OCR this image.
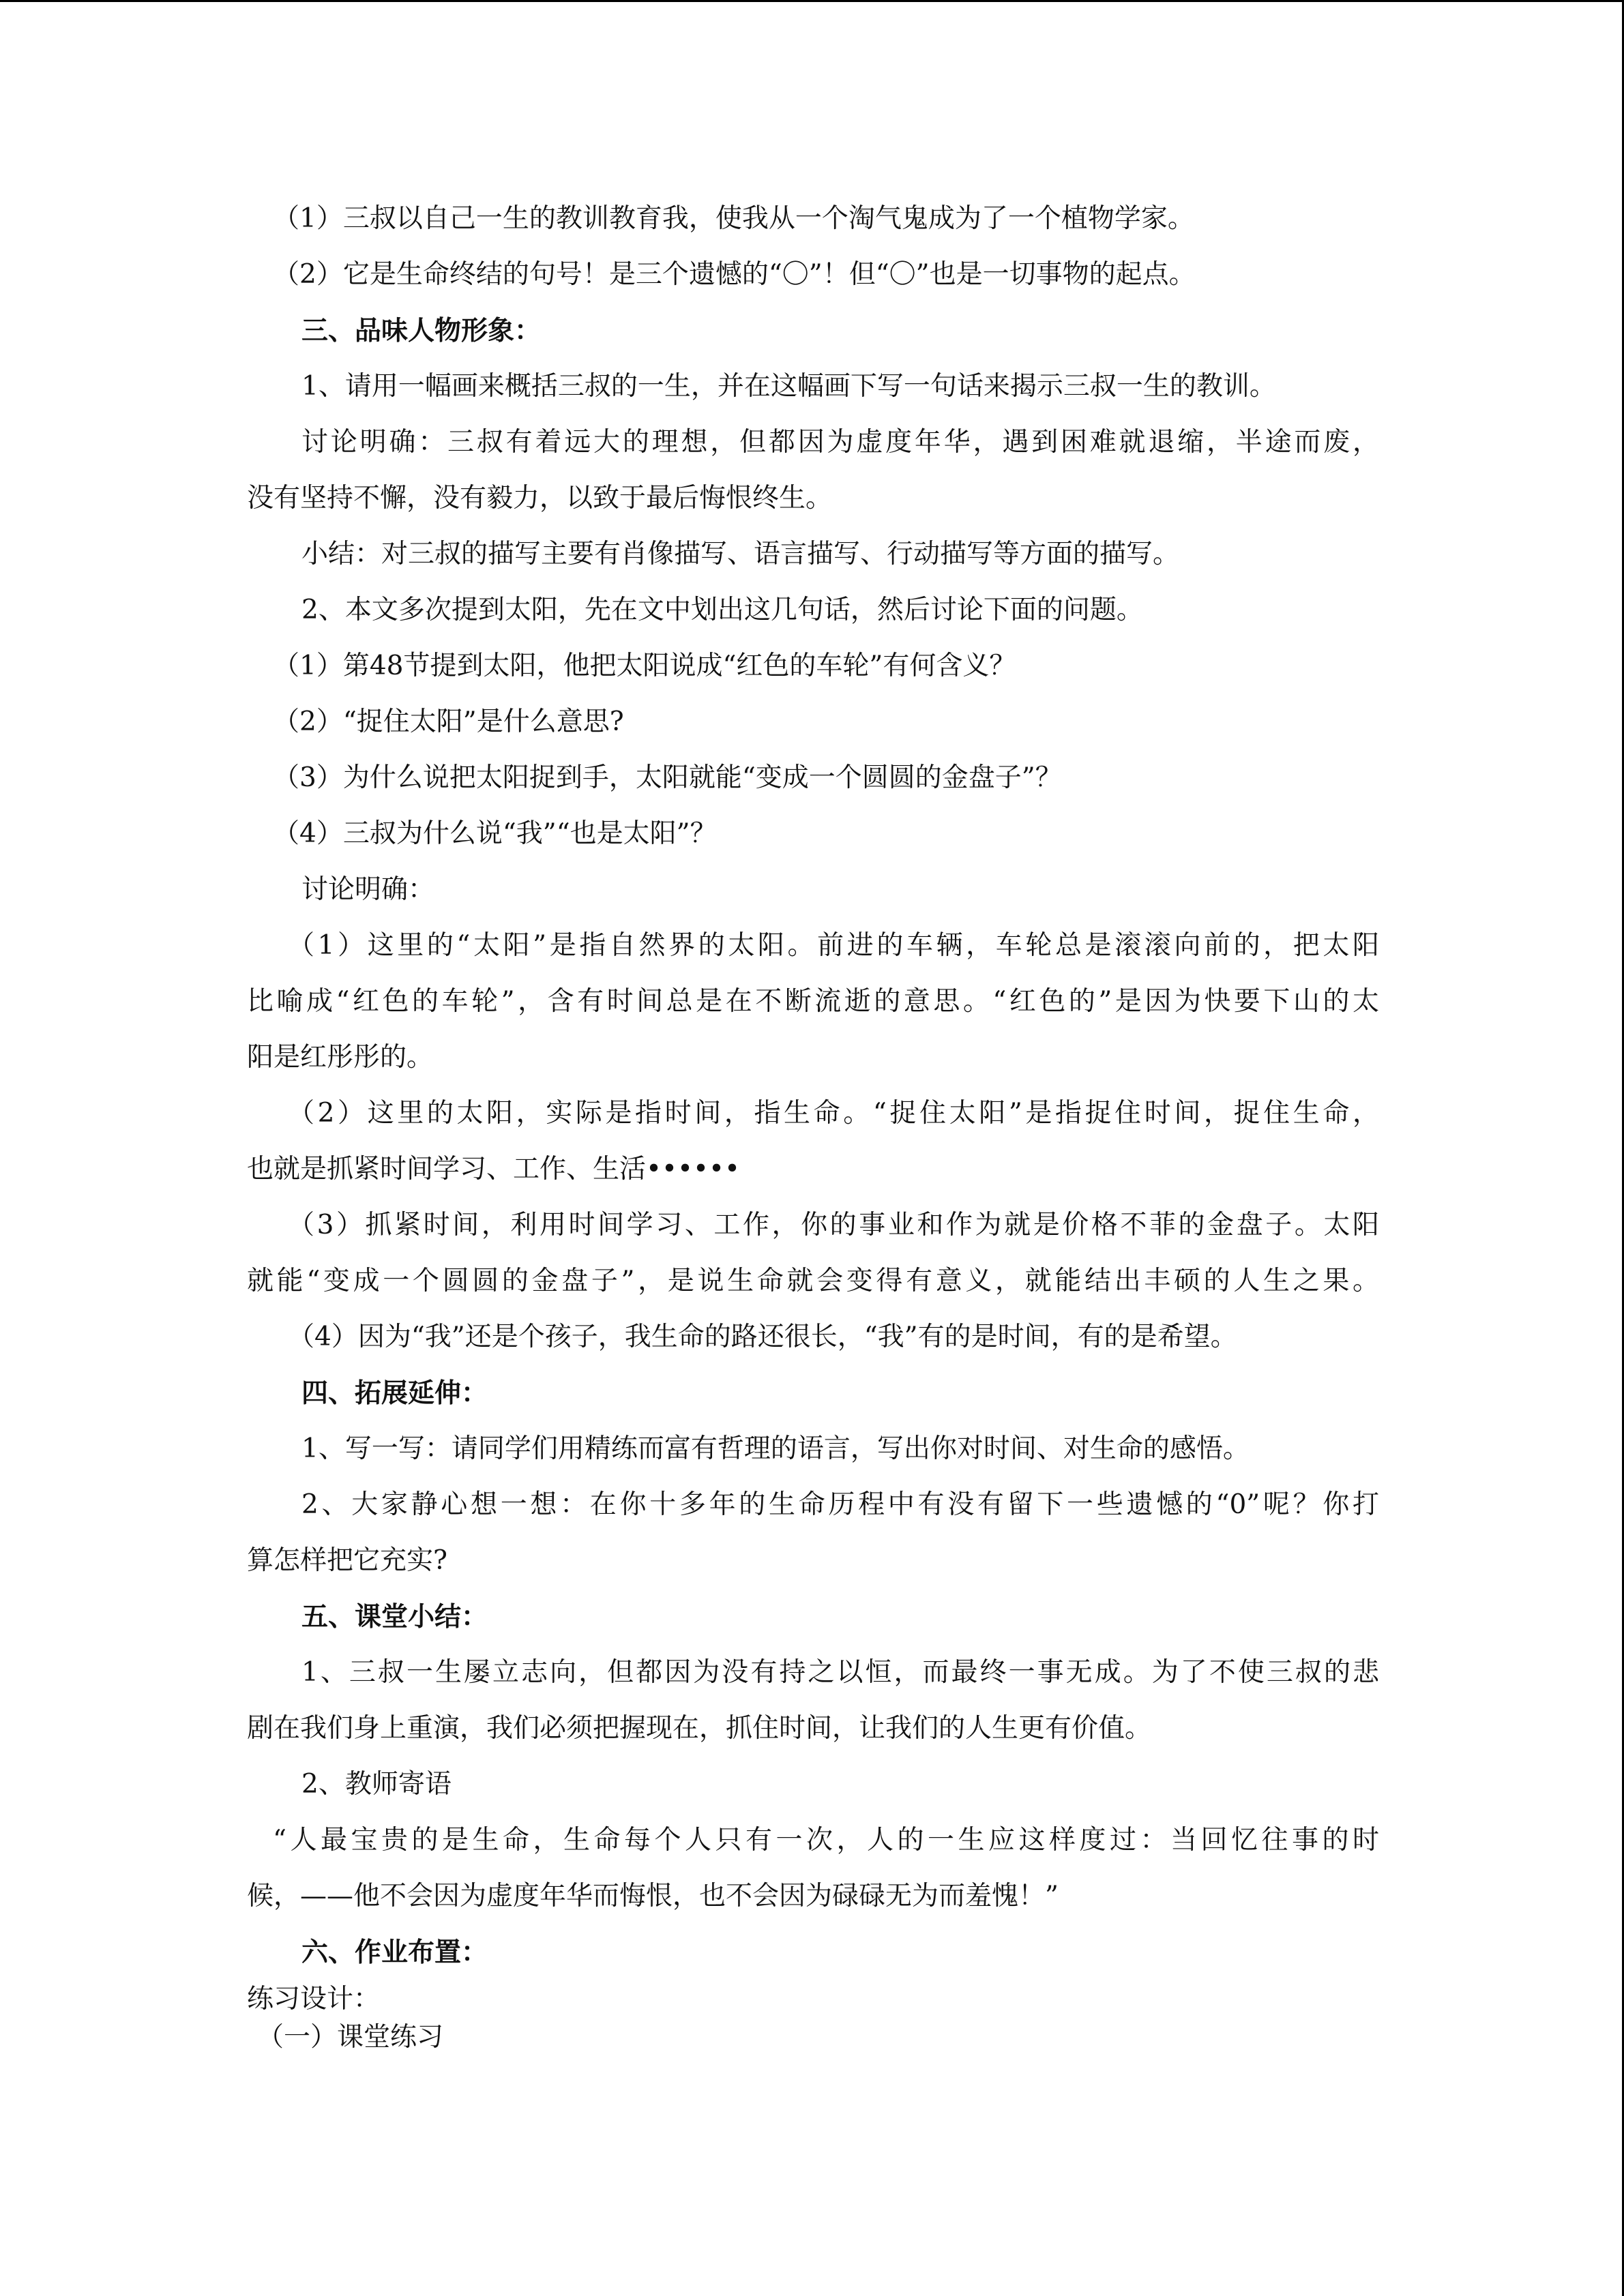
（1）三叔以自己一生的教训教育我，使我从一个淘气鬼成为了一个植物学家。

（2）它是生命终结的句号！是三个遗憾的“〇”！但“〇”也是一切事物的起点。

三、品味人物形象：

1、请用一幅画来概括三叔的一生，并在这幅画下写一句话来揭示三叔一生的教训。

讨论明确：三叔有着远大的理想，但都因为虚度年华，遇到困难就退缩，半途而废，

没有坚持不懈，没有毅力，以致于最后悔恨终生。

小结：对三叔的描写主要有肖像描写、语言描写、行动描写等方面的描写。

2、本文多次提到太阳，先在文中划出这几句话，然后讨论下面的问题。

（1）第48节提到太阳，他把太阳说成“红色的车轮”有何含义？

（2）“捉住太阳”是什么意思?

（3）为什么说把太阳捉到手，太阳就能“变成一个圆圆的金盘子”？

（4）三叔为什么说“我”“也是太阳”？

讨论明确：

（1）这里的“太阳”是指自然界的太阳。前进的车辆，车轮总是滚滚向前的，把太阳

比喻成“红色的车轮”，含有时间总是在不断流逝的意思。“红色的”是因为快要下山的太

阳是红彤彤的。

（2）这里的太阳，实际是指时间，指生命。“捉住太阳”是指捉住时间，捉住生命，

也就是抓紧时间学习、工作、生活••••••

（3）抓紧时间，利用时间学习、工作，你的事业和作为就是价格不菲的金盘子。太阳

就能“变成一个圆圆的金盘子”，是说生命就会变得有意义，就能结出丰硕的人生之果。

（4）因为“我”还是个孩子，我生命的路还很长，“我”有的是时间，有的是希望。

四、拓展延伸：

1、写一写：请同学们用精练而富有哲理的语言，写出你对时间、对生命的感悟。

2、大家静心想一想：在你十多年的生命历程中有没有留下一些遗憾的“0”呢？你打

算怎样把它充实?

五、课堂小结：

1、三叔一生屡立志向，但都因为没有持之以恒，而最终一事无成。为了不使三叔的悲

剧在我们身上重演，我们必须把握现在，抓住时间，让我们的人生更有价值。

2、教师寄语

“人最宝贵的是生命，生命每个人只有一次，人的一生应这样度过：当回忆往事的时

候，——他不会因为虚度年华而悔恨，也不会因为碌碌无为而羞愧！”

六、作业布置：

练习设计：

（一）课堂练习
